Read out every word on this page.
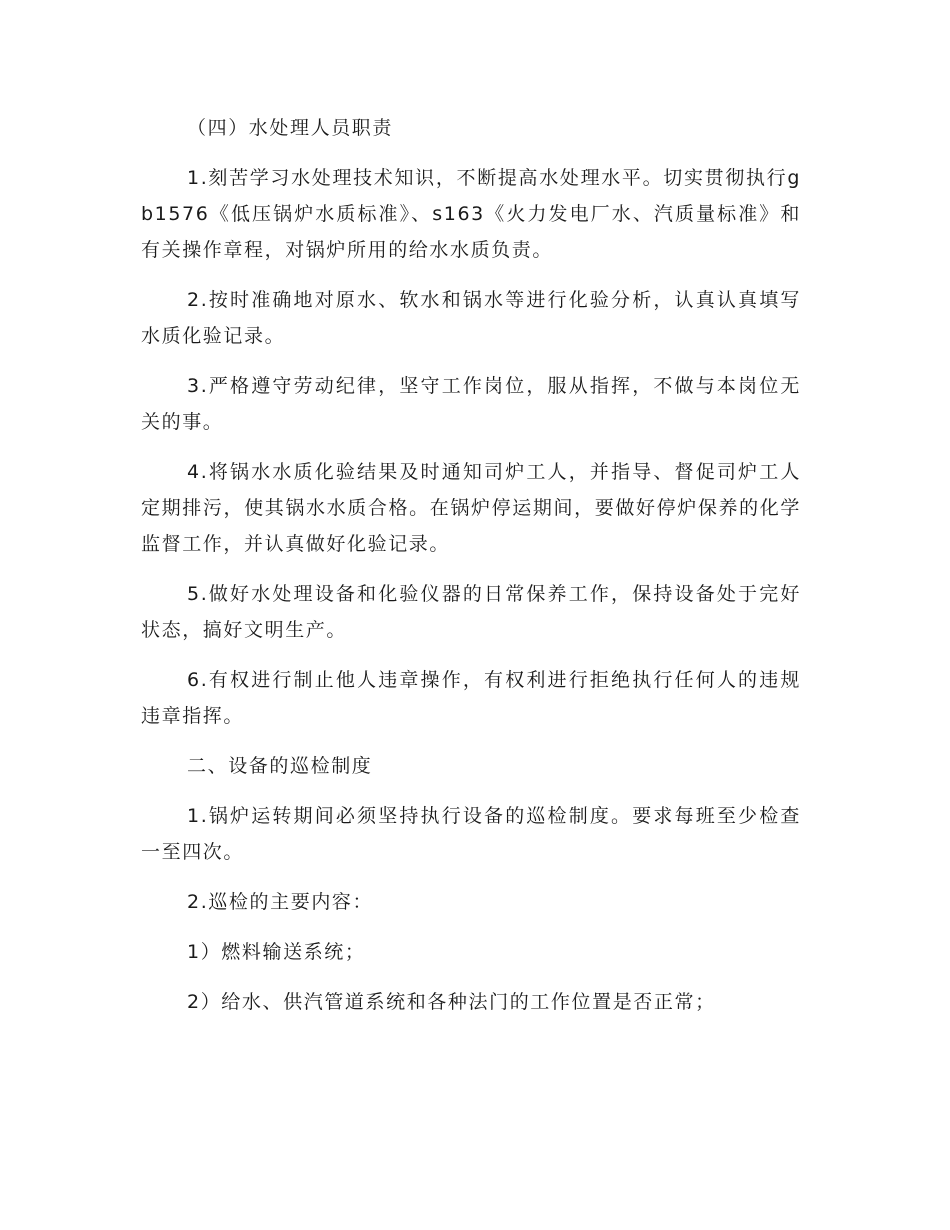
（四）水处理人员职责

1.刻苦学习水处理技术知识，不断提高水处理水平。切实贯彻执行gb1576《低压锅炉水质标准》、s163《火力发电厂水、汽质量标准》和有关操作章程，对锅炉所用的给水水质负责。

2.按时准确地对原水、软水和锅水等进行化验分析，认真认真填写水质化验记录。

3.严格遵守劳动纪律，坚守工作岗位，服从指挥，不做与本岗位无关的事。

4.将锅水水质化验结果及时通知司炉工人，并指导、督促司炉工人定期排污，使其锅水水质合格。在锅炉停运期间，要做好停炉保养的化学监督工作，并认真做好化验记录。

5.做好水处理设备和化验仪器的日常保养工作，保持设备处于完好状态，搞好文明生产。

6.有权进行制止他人违章操作，有权利进行拒绝执行任何人的违规违章指挥。

二、设备的巡检制度

1.锅炉运转期间必须坚持执行设备的巡检制度。要求每班至少检查一至四次。

2.巡检的主要内容：

1）燃料输送系统；

2）给水、供汽管道系统和各种法门的工作位置是否正常；
